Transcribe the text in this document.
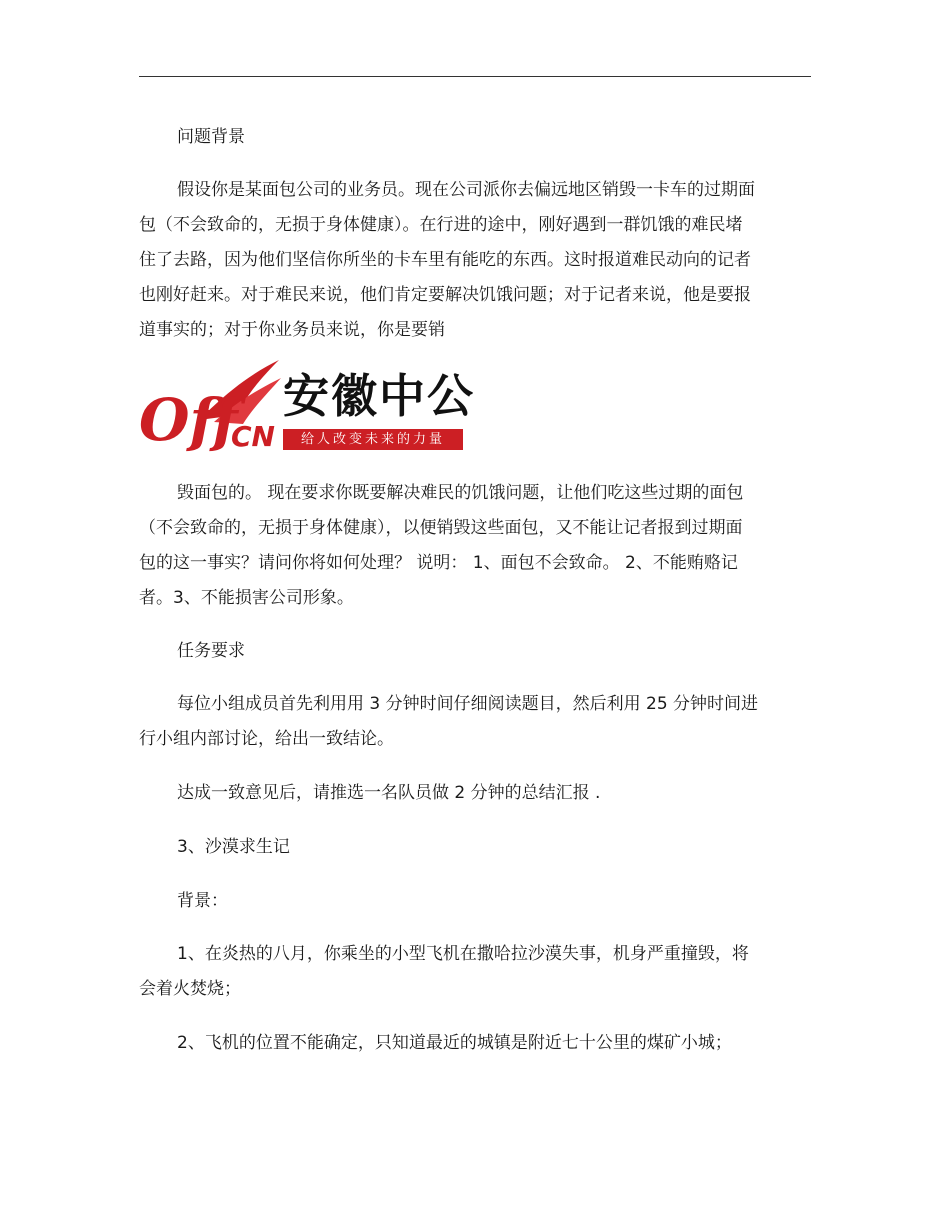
问题背景
假设你是某面包公司的业务员。现在公司派你去偏远地区销毁一卡车的过期面
包（不会致命的，无损于身体健康）。在行进的途中，刚好遇到一群饥饿的难民堵
住了去路，因为他们坚信你所坐的卡车里有能吃的东西。这时报道难民动向的记者
也刚好赶来。对于难民来说，他们肯定要解决饥饿问题；对于记者来说，他是要报
道事实的；对于你业务员来说，你是要销
Off
CN
安徽中公
给人改变未来的力量
毁面包的。 现在要求你既要解决难民的饥饿问题，让他们吃这些过期的面包
（不会致命的，无损于身体健康），以便销毁这些面包，又不能让记者报到过期面
包的这一事实？请问你将如何处理？ 说明： 1、面包不会致命。 2、不能贿赂记
者。3、不能损害公司形象。
任务要求
每位小组成员首先利用用 3 分钟时间仔细阅读题目，然后利用 25 分钟时间进
行小组内部讨论，给出一致结论。
达成一致意见后，请推选一名队员做 2 分钟的总结汇报 .
3、沙漠求生记
背景：
1、在炎热的八月，你乘坐的小型飞机在撒哈拉沙漠失事，机身严重撞毁，将
会着火焚烧；
2、飞机的位置不能确定，只知道最近的城镇是附近七十公里的煤矿小城；
